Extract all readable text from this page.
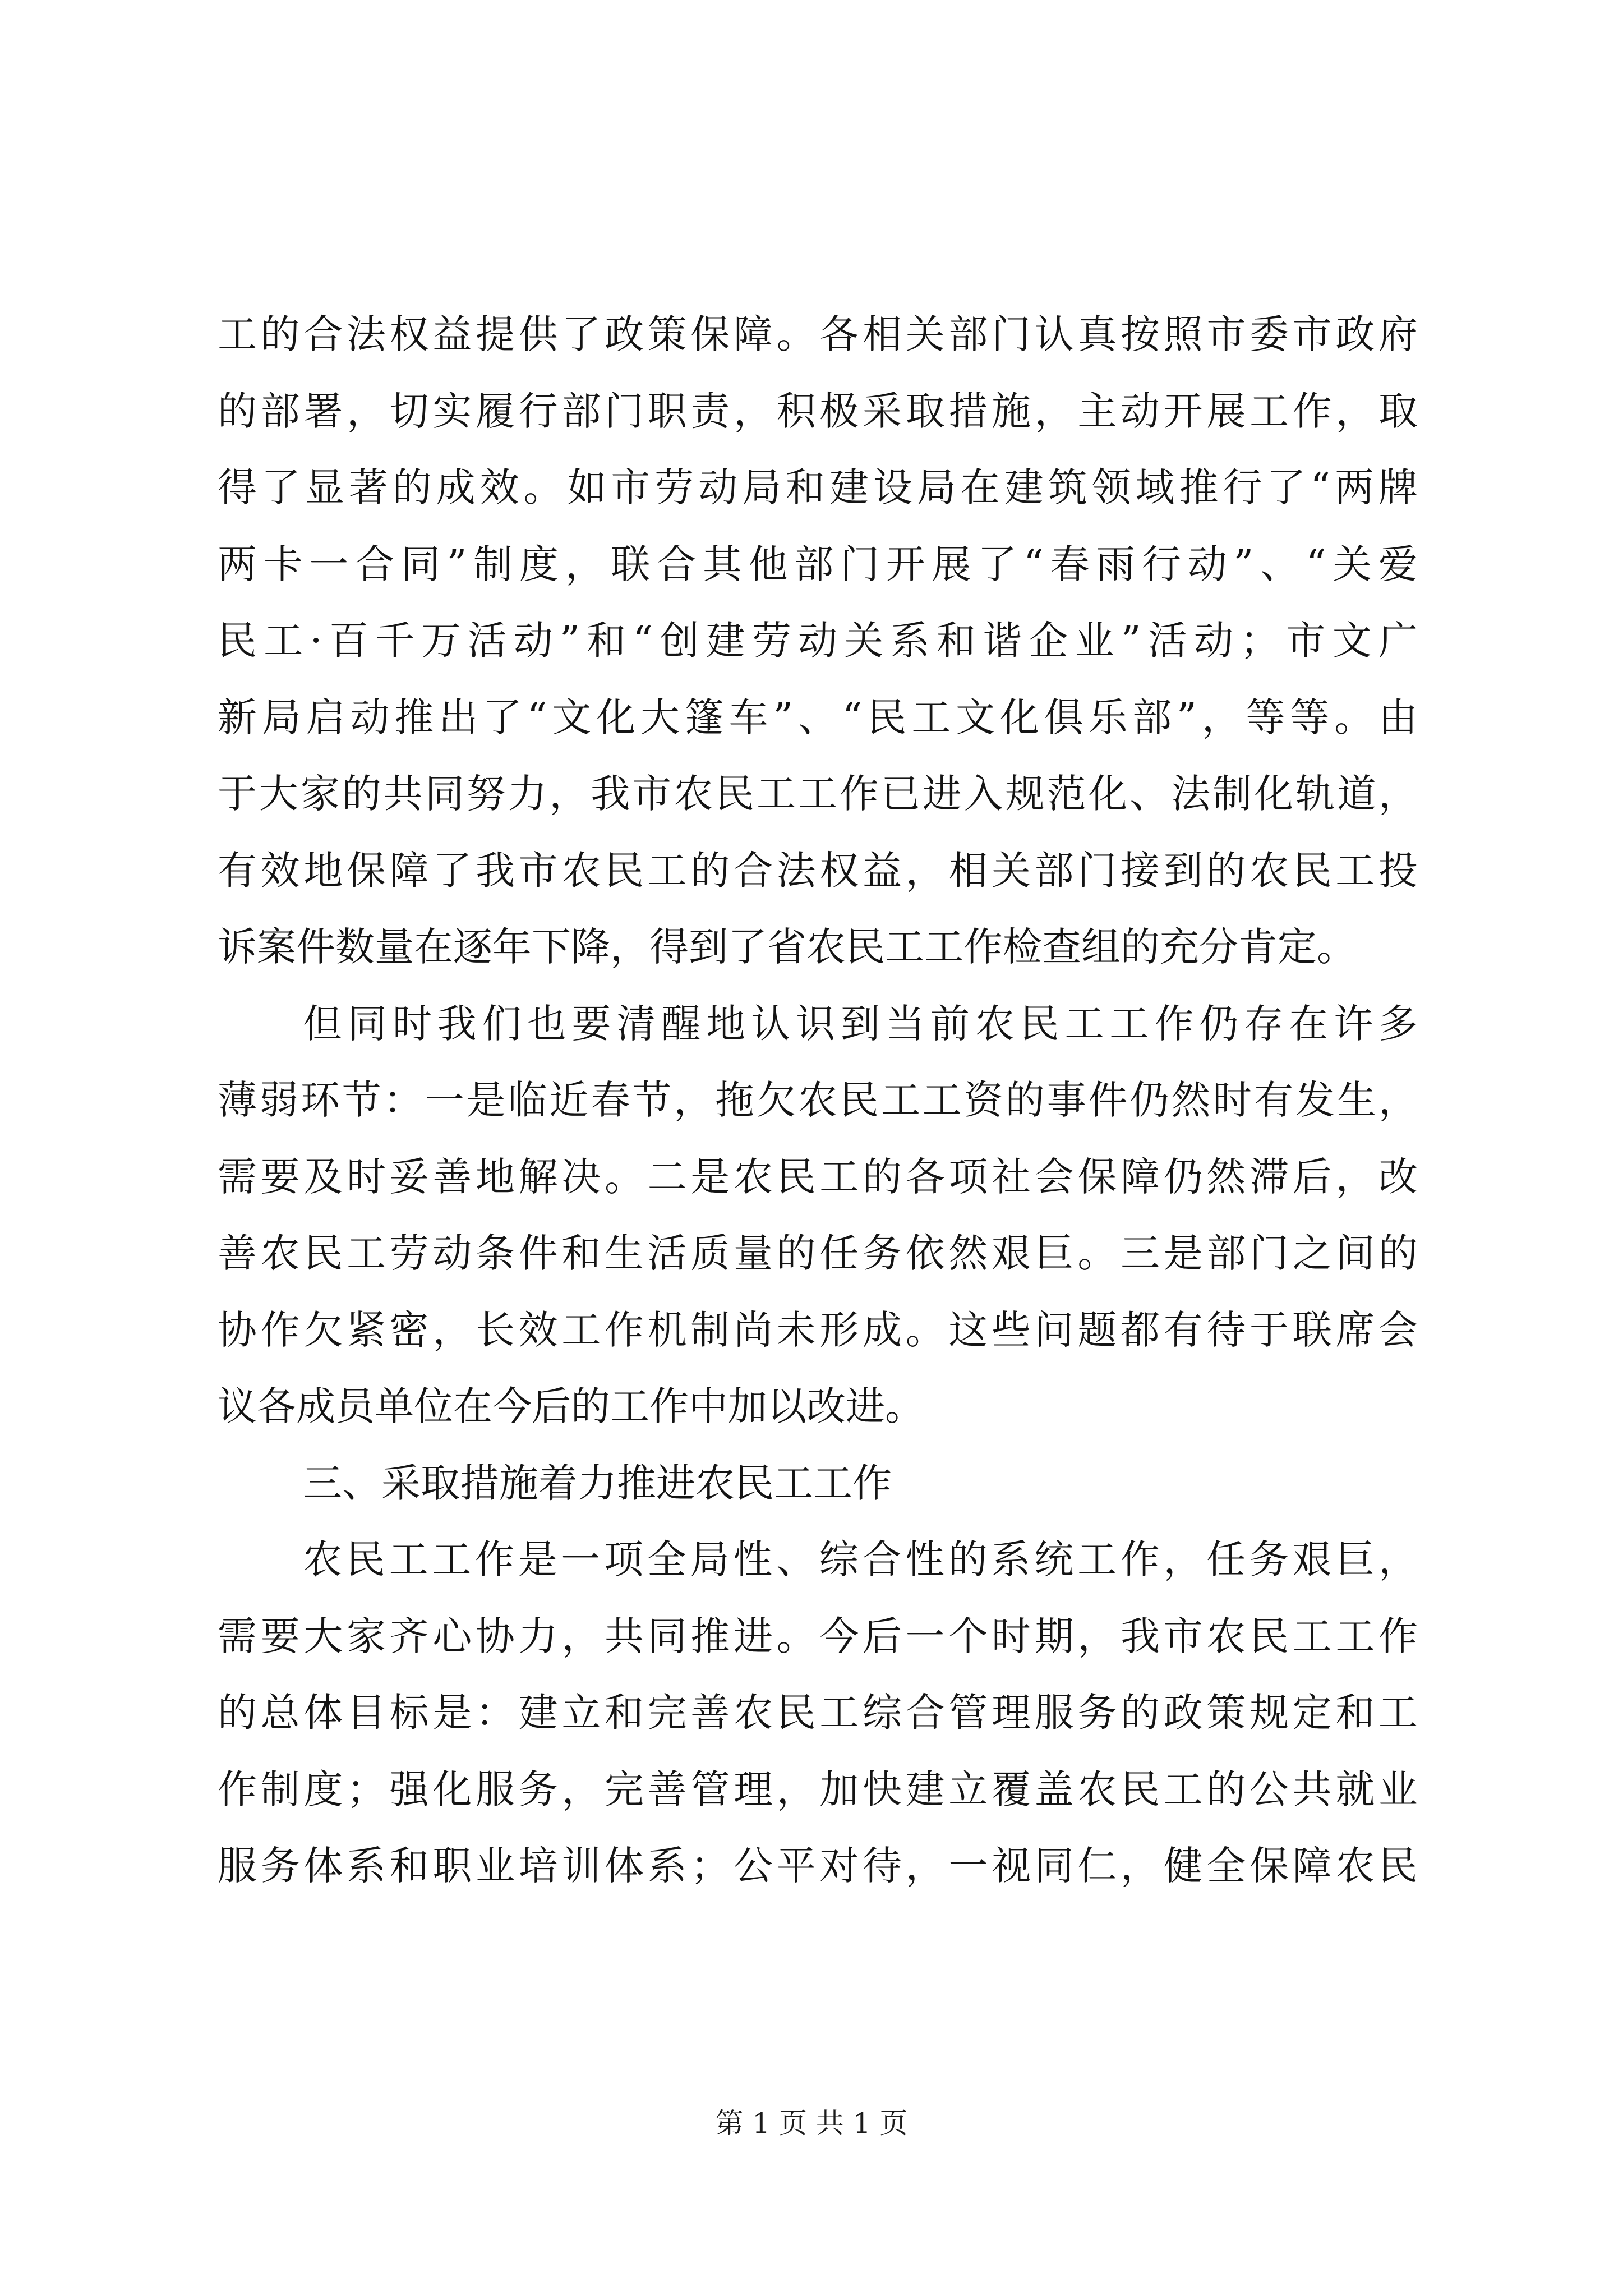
工的合法权益提供了政策保障。各相关部门认真按照市委市政府
的部署，切实履行部门职责，积极采取措施，主动开展工作，取
得了显著的成效。如市劳动局和建设局在建筑领域推行了“两牌
两卡一合同”制度，联合其他部门开展了“春雨行动”、“关爱
民工·百千万活动”和“创建劳动关系和谐企业”活动；市文广
新局启动推出了“文化大篷车”、“民工文化俱乐部”，等等。由
于大家的共同努力，我市农民工工作已进入规范化、法制化轨道，
有效地保障了我市农民工的合法权益，相关部门接到的农民工投
诉案件数量在逐年下降，得到了省农民工工作检查组的充分肯定。
但同时我们也要清醒地认识到当前农民工工作仍存在许多
薄弱环节：一是临近春节，拖欠农民工工资的事件仍然时有发生，
需要及时妥善地解决。二是农民工的各项社会保障仍然滞后，改
善农民工劳动条件和生活质量的任务依然艰巨。三是部门之间的
协作欠紧密，长效工作机制尚未形成。这些问题都有待于联席会
议各成员单位在今后的工作中加以改进。
三、采取措施着力推进农民工工作
农民工工作是一项全局性、综合性的系统工作，任务艰巨，
需要大家齐心协力，共同推进。今后一个时期，我市农民工工作
的总体目标是：建立和完善农民工综合管理服务的政策规定和工
作制度；强化服务，完善管理，加快建立覆盖农民工的公共就业
服务体系和职业培训体系；公平对待，一视同仁，健全保障农民
第 1 页 共 1 页
